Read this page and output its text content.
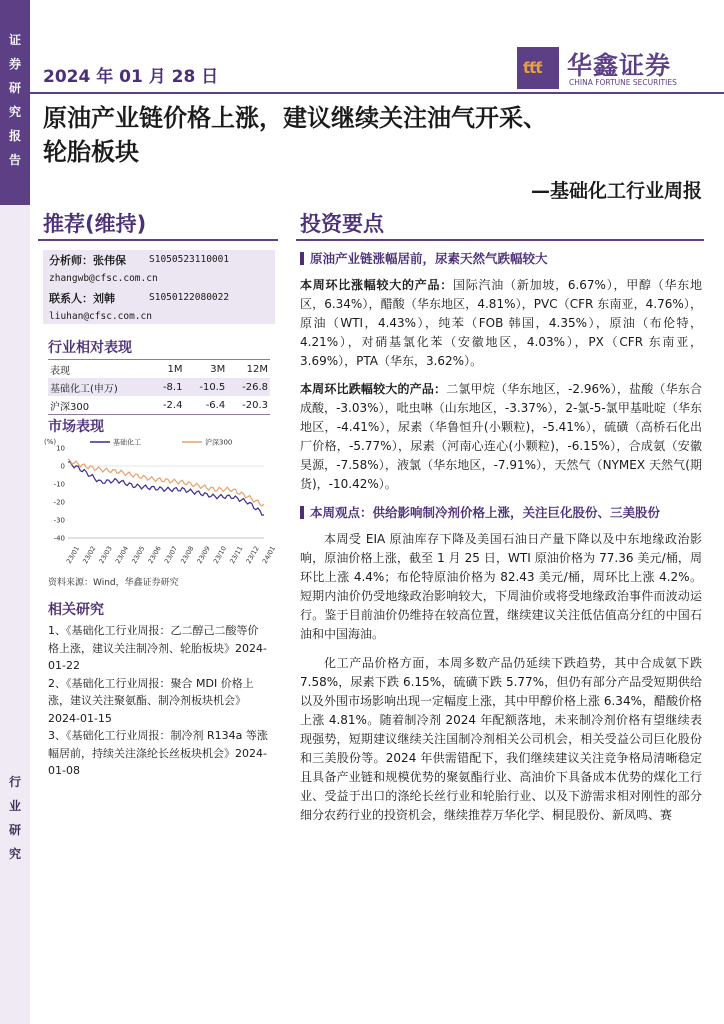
证
券
研
究
报
告
行
业
研
究
2024 年 01 月 28 日	ƭƭƭ 华鑫证券
CHINA FORTUNE SECURITIES
原油产业链价格上涨，建议继续关注油气开采、
轮胎板块
—基础化工行业周报
推荐(维持)	投资要点
分析师：张伟保	S1050523110001
zhangwb@cfsc.com.cn
联系人：刘韩	S1050122080022
liuhan@cfsc.com.cn
行业相对表现
表现	1M	3M	12M
基础化工(申万)	-8.1	-10.5	-26.8
沪深300	-2.4	-6.4	-20.3
市场表现
(%)
10
0
-10
-20
-30
-40
23/01 23/02 23/03 23/04 23/05 23/06 23/07 23/08 23/09 23/10 23/11 23/12 24/01
基础化工	沪深300
资料来源：Wind，华鑫证券研究
相关研究

1、《基础化工行业周报：乙二醇己二酸等价格上涨，建议关注制冷剂、轮胎板块》2024-01-22

2、《基础化工行业周报：聚合 MDI 价格上涨，建议关注聚氨酯、制冷剂板块机会》2024-01-15

3、《基础化工行业周报：制冷剂 R134a 等涨幅居前，持续关注涤纶长丝板块机会》2024-01-08

原油产业链涨幅居前，尿素天然气跌幅较大
本周环比涨幅较大的产品：国际汽油（新加坡，6.67%），甲醇（华东地区，6.34%），醋酸（华东地区，4.81%），PVC（CFR 东南亚，4.76%），原油（WTI，4.43%），纯苯（FOB 韩国，4.35%），原油（布伦特，4.21%），对硝基氯化苯（安徽地区，4.03%），PX（CFR 东南亚，3.69%），PTA（华东，3.62%）。
本周环比跌幅较大的产品：二氯甲烷（华东地区，-2.96%），盐酸（华东合成酸，-3.03%），吡虫啉（山东地区，-3.37%），2-氯-5-氯甲基吡啶（华东地区，-4.41%），尿素（华鲁恒升(小颗粒)，-5.41%），硫磺（高桥石化出厂价格，-5.77%），尿素（河南心连心(小颗粒)，-6.15%），合成氨（安徽昊源，-7.58%），液氯（华东地区，-7.91%），天然气（NYMEX 天然气(期货)，-10.42%）。
本周观点：供给影响制冷剂价格上涨，关注巨化股份、三美股份
本周受 EIA 原油库存下降及美国石油日产量下降以及中东地缘政治影响，原油价格上涨，截至 1 月 25 日，WTI 原油价格为 77.36 美元/桶，周环比上涨 4.4%；布伦特原油价格为 82.43 美元/桶，周环比上涨 4.2%。短期内油价仍受地缘政治影响较大，下周油价或将受地缘政治事件而波动运行。鉴于目前油价仍维持在较高位置，继续建议关注低估值高分红的中国石油和中国海油。
化工产品价格方面，本周多数产品仍延续下跌趋势，其中合成氨下跌 7.58%，尿素下跌 6.15%，硫磺下跌 5.77%，但仍有部分产品受短期供给以及外围市场影响出现一定幅度上涨，其中甲醇价格上涨 6.34%，醋酸价格上涨 4.81%。随着制冷剂 2024 年配额落地，未来制冷剂价格有望继续表现强势，短期建议继续关注国制冷剂相关公司机会，相关受益公司巨化股份和三美股份等。2024 年供需错配下，我们继续建议关注竞争格局清晰稳定且具备产业链和规模优势的聚氨酯行业、高油价下具备成本优势的煤化工行业、受益于出口的涤纶长丝行业和轮胎行业、以及下游需求相对刚性的部分细分农药行业的投资机会，继续推荐万华化学、桐昆股份、新凤鸣、赛
